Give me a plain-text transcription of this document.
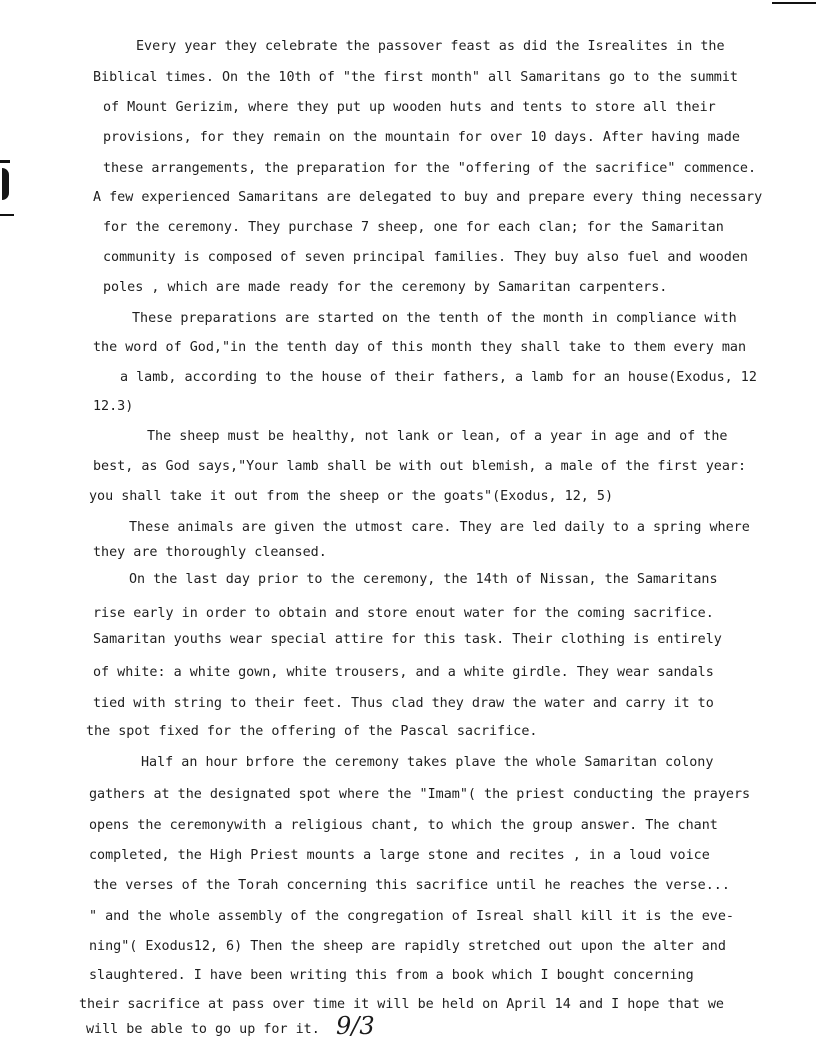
Every year they celebrate the passover feast as did the Isrealites in the
Biblical times. On the 10th of "the first month" all Samaritans go to the summit
of Mount Gerizim, where they put up wooden huts and tents to store all their
provisions, for they remain on the mountain for over 10 days. After having made
these arrangements, the preparation for the "offering of the sacrifice" commence.
A few experienced Samaritans are delegated to buy and prepare every thing necessary
for the ceremony. They purchase 7 sheep, one for each clan; for the Samaritan
community is composed of seven principal families. They buy also fuel and wooden
poles , which are made ready for the ceremony by Samaritan carpenters.
These preparations are started on the tenth of the month in compliance with
the word of God,"in the tenth day of this month they shall take to them every man
a lamb, according to the house of their fathers, a lamb for an house(Exodus, 12
12.3)
The sheep must be healthy, not lank or lean, of a year in age and of the
best, as God says,"Your lamb shall be with out blemish, a male of the first year:
you shall take it out from the sheep or the goats"(Exodus, 12, 5)
These animals are given the utmost care. They are led daily to a spring where
they are thoroughly cleansed.
On the last day prior to the ceremony, the 14th of Nissan, the Samaritans
rise early in order to obtain and store enout water for the coming sacrifice.
Samaritan youths wear special attire for this task. Their clothing is entirely
of white: a white gown, white trousers, and a white girdle. They wear sandals
tied with string to their feet. Thus clad they draw the water and carry it to
the spot fixed for the offering of the Pascal sacrifice.
Half an hour brfore the ceremony takes plave the whole Samaritan colony
gathers at the designated spot where the "Imam"( the priest conducting the prayers
opens the ceremonywith a religious chant, to which the group answer. The chant
completed, the High Priest mounts a large stone and recites , in a loud voice
the verses of the Torah concerning this sacrifice until he reaches the verse...
" and the whole assembly of the congregation of Isreal shall kill it is the eve-
ning"( Exodus12, 6) Then the sheep are rapidly stretched out upon the alter and
slaughtered. I have been writing this from a book which I bought concerning
their sacrifice at pass over time it will be held on April 14 and I hope that we
will be able to go up for it. 9/3
